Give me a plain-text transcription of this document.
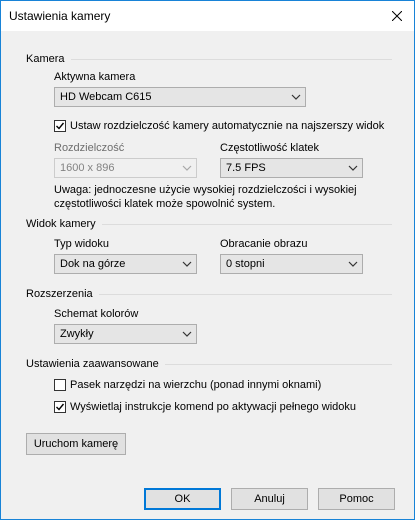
Ustawienia kamery
Kamera
Aktywna kamera
HD Webcam C615
Ustaw rozdzielczość kamery automatycznie na najszerszy widok
Rozdzielczość
1600 x 896
Częstotliwość klatek
7.5 FPS
Uwaga: jednoczesne użycie wysokiej rozdzielczości i wysokiej
częstotliwości klatek może spowolnić system.
Widok kamery
Typ widoku
Dok na górze
Obracanie obrazu
0 stopni
Rozszerzenia
Schemat kolorów
Zwykły
Ustawienia zaawansowane
Pasek narzędzi na wierzchu (ponad innymi oknami)
Wyświetlaj instrukcje komend po aktywacji pełnego widoku
Uruchom kamerę
OK	Anuluj	Pomoc
